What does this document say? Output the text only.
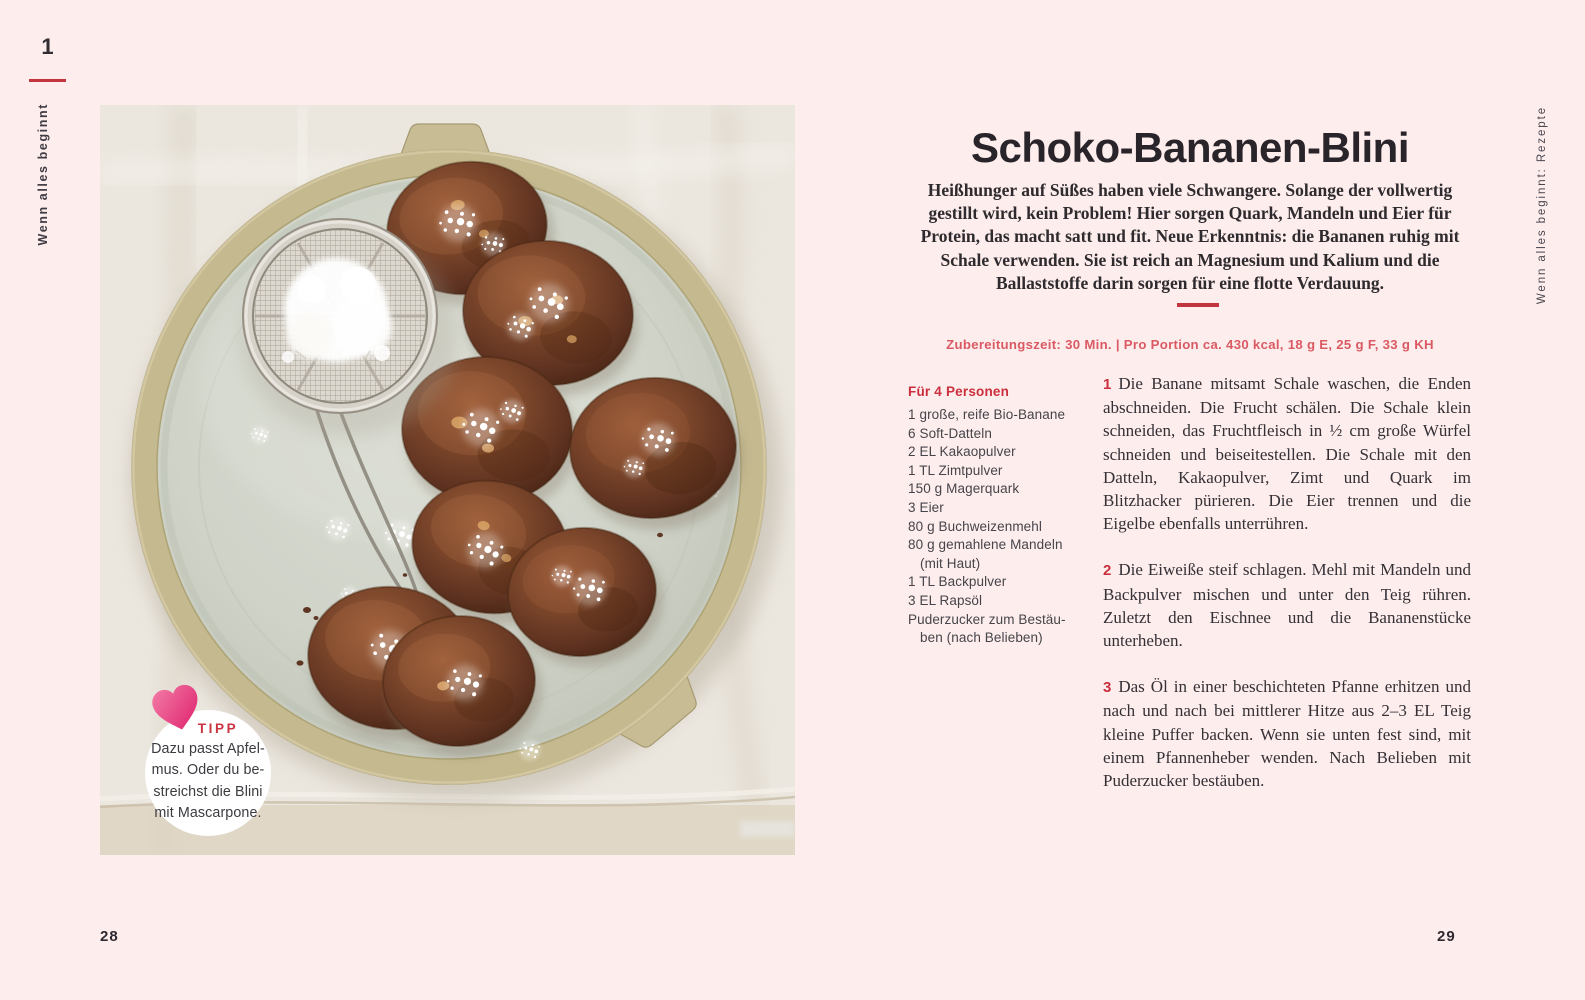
1
Wenn alles beginnt
28
Wenn alles beginnt: Rezepte
29
TIPP
Dazu passt Apfel-
mus. Oder du be-
streichst die Blini
mit Mascarpone.
Schoko-Bananen-Blini

Heißhunger auf Süßes haben viele Schwangere. Solange der vollwertig gestillt wird, kein Problem! Hier sorgen Quark, Mandeln und Eier für Protein, das macht satt und fit. Neue Erkenntnis: die Bananen ruhig mit Schale verwenden. Sie ist reich an Magnesium und Kalium und die Ballaststoffe darin sorgen für eine flotte Verdauung.

Zubereitungszeit: 30 Min. | Pro Portion ca. 430 kcal, 18 g E, 25 g F, 33 g KH
Für 4 Personen
1 große, reife Bio-Banane
6 Soft-Datteln
2 EL Kakaopulver
1 TL Zimtpulver
150 g Magerquark
3 Eier
80 g Buchweizenmehl
80 g gemahlene Mandeln
(mit Haut)
1 TL Backpulver
3 EL Rapsöl
Puderzucker zum Bestäu-
ben (nach Belieben)

1 Die Banane mitsamt Schale waschen, die Enden abschneiden. Die Frucht schälen. Die Schale klein schneiden, das Fruchtfleisch in ½ cm große Würfel schneiden und beiseitestellen. Die Schale mit den Datteln, Kakaopulver, Zimt und Quark im Blitzhacker pürieren. Die Eier trennen und die Eigelbe ebenfalls unterrühren.

2 Die Eiweiße steif schlagen. Mehl mit Mandeln und Backpulver mischen und unter den Teig rühren. Zuletzt den Eischnee und die Bananenstücke unterheben.

3 Das Öl in einer beschichteten Pfanne erhitzen und nach und nach bei mittlerer Hitze aus 2–3 EL Teig kleine Puffer backen. Wenn sie unten fest sind, mit einem Pfannenheber wenden. Nach Belieben mit Puderzucker bestäuben.
